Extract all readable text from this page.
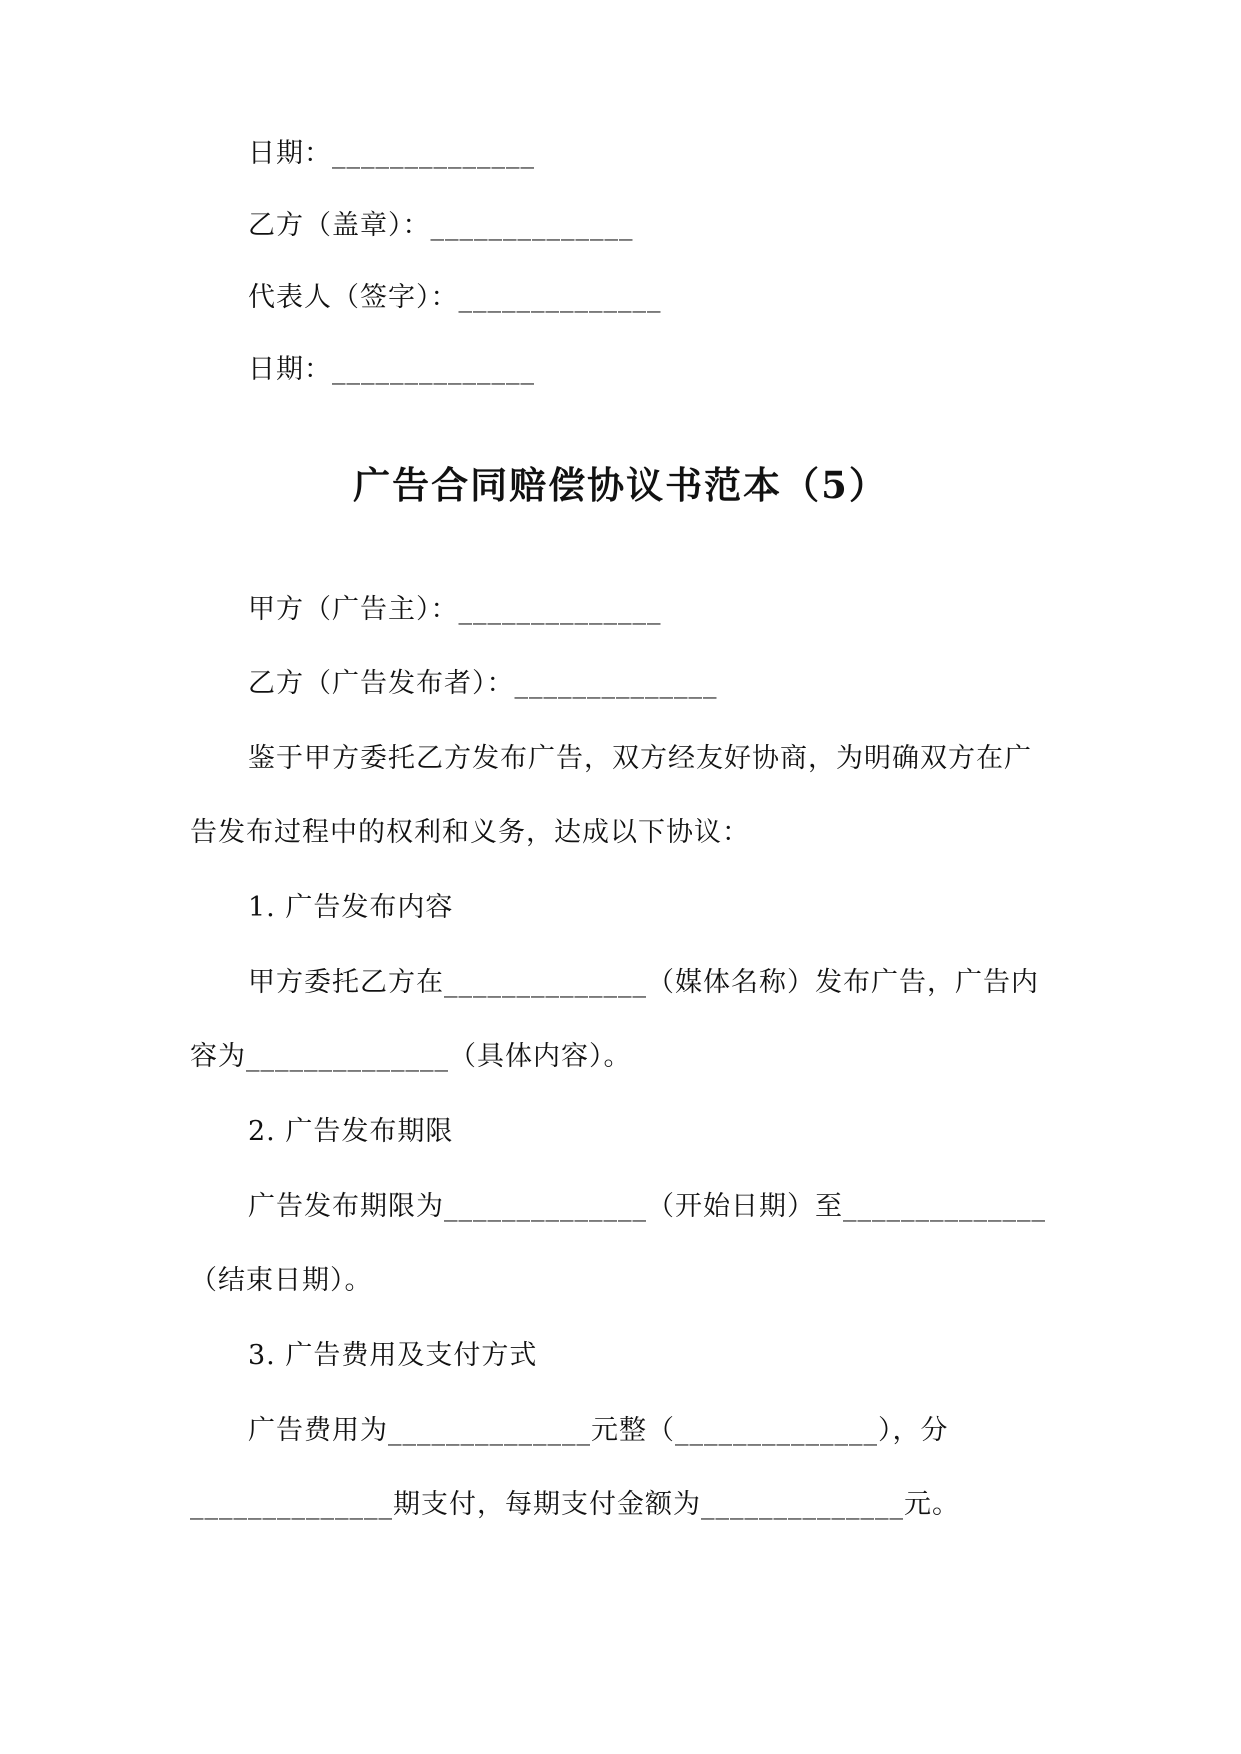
日期：______________
乙方（盖章）：______________
代表人（签字）：______________
日期：______________
广告合同赔偿协议书范本（5）
甲方（广告主）：______________
乙方（广告发布者）：______________
鉴于甲方委托乙方发布广告，双方经友好协商，为明确双方在广
告发布过程中的权利和义务，达成以下协议：
1. 广告发布内容
甲方委托乙方在______________（媒体名称）发布广告，广告内
容为______________（具体内容）。
2. 广告发布期限
广告发布期限为______________（开始日期）至______________
（结束日期）。
3. 广告费用及支付方式
广告费用为______________元整（______________），分
______________期支付，每期支付金额为______________元。
